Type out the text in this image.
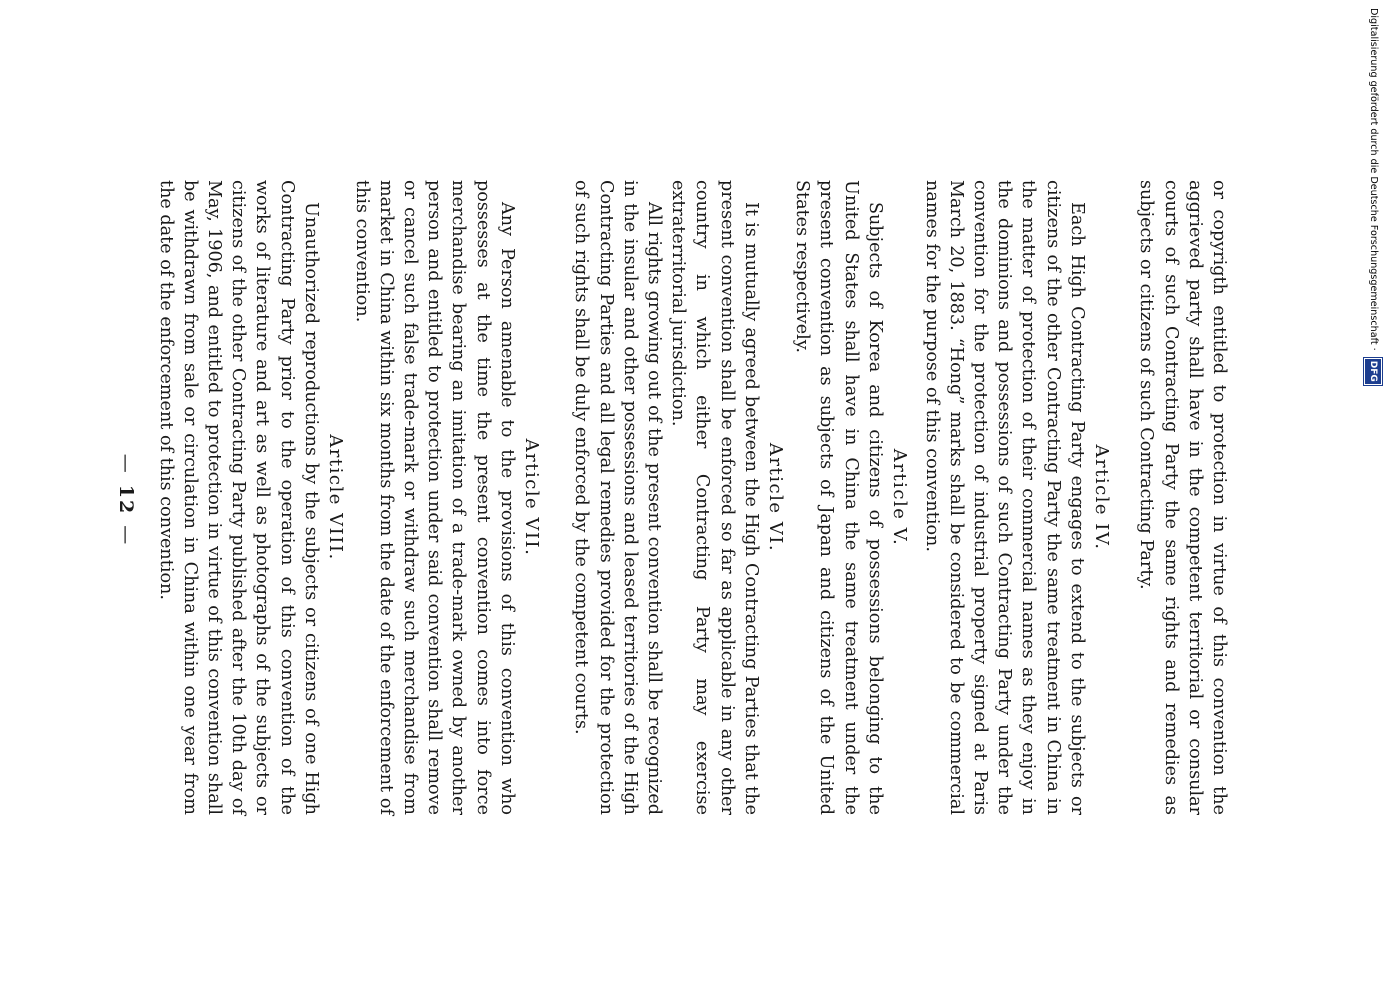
—12—	or copyrigth entitled to protection in virtue of this convention the aggrieved party shall have in the competent territorial or consular courts of such Contracting Party the same rights and remedies as subjects or citizens of such Contracting Party.

Article IV.

Each High Contracting Party engages to extend to the subjects or citizens of the other Contracting Party the same treatment in China in the matter of protection of their commercial names as they enjoy in the dominions and possessions of such Contracting Party under the convention for the protection of industrial property signed at Paris March 20, 1883. “Hong” marks shall be considered to be commercial names for the purpose of this convention.

Article V.

Subjects of Korea and citizens of possessions belonging to the United States shall have in China the same treatment under the present convention as subjects of Japan and citizens of the United States respectively.

Article VI.

It is mutually agreed between the High Contracting Parties that the present convention shall be enforced so far as applicable in any other country in which either Contracting Party may exercise extraterritorial jurisdiction.

All rights growing out of the present convention shall be recognized in the insular and other possessions and leased territories of the High Contracting Parties and all legal remedies provided for the protection of such rights shall be duly enforced by the competent courts.

Article VII.

Any Person amenable to the provisions of this convention who possesses at the time the present convention comes into force merchandise bearing an imitation of a trade-mark owned by another person and entitled to protection under said convention shall remove or cancel such false trade-mark or withdraw such merchandise from market in China within six months from the date of the enforcement of this convention.

Article VIII.

Unauthorized reproductions by the subjects or citizens of one High Contracting Party prior to the operation of this convention of the works of literature and art as well as photographs of the subjects or citizens of the other Contracting Party published after the 10th day of May, 1906, and entitled to protection in virtue of this convention shall be withdrawn from sale or circulation in China within one year from the date of the enforcement of this convention.	DFG Digitalisierung gefördert durch die Deutsche Forschungsgemeinschaft ·
